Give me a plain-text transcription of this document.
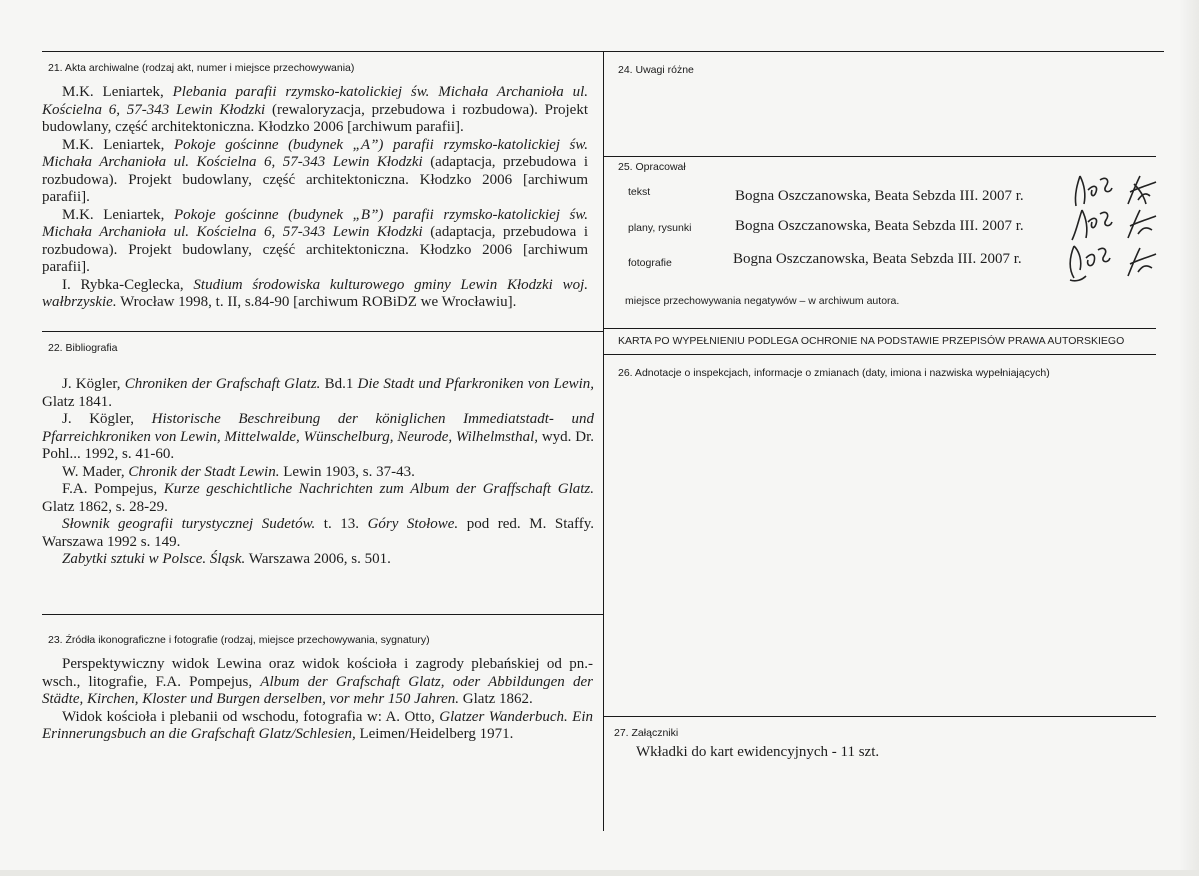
21. Akta archiwalne (rodzaj akt, numer i miejsce przechowywania)

M.K. Leniartek, Plebania parafii rzymsko-katolickiej św. Michała Archanioła ul. Kościelna 6, 57-343 Lewin Kłodzki (rewaloryzacja, przebudowa i rozbudowa). Projekt budowlany, część architektoniczna. Kłodzko 2006 [archiwum parafii].

M.K. Leniartek, Pokoje gościnne (budynek „A”) parafii rzymsko-katolickiej św. Michała Archanioła ul. Kościelna 6, 57-343 Lewin Kłodzki (adaptacja, przebudowa i rozbudowa). Projekt budowlany, część architektoniczna. Kłodzko 2006 [archiwum parafii].

M.K. Leniartek, Pokoje gościnne (budynek „B”) parafii rzymsko-katolickiej św. Michała Archanioła ul. Kościelna 6, 57-343 Lewin Kłodzki (adaptacja, przebudowa i rozbudowa). Projekt budowlany, część architektoniczna. Kłodzko 2006 [archiwum parafii].

I. Rybka-Ceglecka, Studium środowiska kulturowego gminy Lewin Kłodzki woj. wałbrzyskie. Wrocław 1998, t. II, s.84-90 [archiwum ROBiDZ we Wrocławiu].

22. Bibliografia

J. Kögler, Chroniken der Grafschaft Glatz. Bd.1 Die Stadt und Pfarkroniken von Lewin, Glatz 1841.

J. Kögler, Historische Beschreibung der königlichen Immediatstadt- und Pfarreichkroniken von Lewin, Mittelwalde, Wünschelburg, Neurode, Wilhelmsthal, wyd. Dr. Pohl... 1992, s. 41-60.

W. Mader, Chronik der Stadt Lewin. Lewin 1903, s. 37-43.

F.A. Pompejus, Kurze geschichtliche Nachrichten zum Album der Graffschaft Glatz. Glatz 1862, s. 28-29.

Słownik geografii turystycznej Sudetów. t. 13. Góry Stołowe. pod red. M. Staffy. Warszawa 1992 s. 149.

Zabytki sztuki w Polsce. Śląsk. Warszawa 2006, s. 501.

23. Źródła ikonograficzne i fotografie (rodzaj, miejsce przechowywania, sygnatury)

Perspektywiczny widok Lewina oraz widok kościoła i zagrody plebańskiej od pn.-wsch., litografie, F.A. Pompejus, Album der Grafschaft Glatz, oder Abbildungen der Städte, Kirchen, Kloster und Burgen derselben, vor mehr 150 Jahren. Glatz 1862.

Widok kościoła i plebanii od wschodu, fotografia w: A. Otto, Glatzer Wanderbuch. Ein Erinnerungsbuch an die Grafschaft Glatz/Schlesien, Leimen/Heidelberg 1971.

24. Uwagi różne
25. Opracował
tekst	Bogna Oszczanowska, Beata Sebzda III. 2007 r.
plany, rysunki	Bogna Oszczanowska, Beata Sebzda III. 2007 r.
fotografie	Bogna Oszczanowska, Beata Sebzda III. 2007 r.
miejsce przechowywania negatywów – w archiwum autora.
KARTA PO WYPEŁNIENIU PODLEGA OCHRONIE NA PODSTAWIE PRZEPISÓW PRAWA AUTORSKIEGO
26. Adnotacje o inspekcjach, informacje o zmianach (daty, imiona i nazwiska wypełniających)
27. Załączniki
Wkładki do kart ewidencyjnych - 11 szt.
